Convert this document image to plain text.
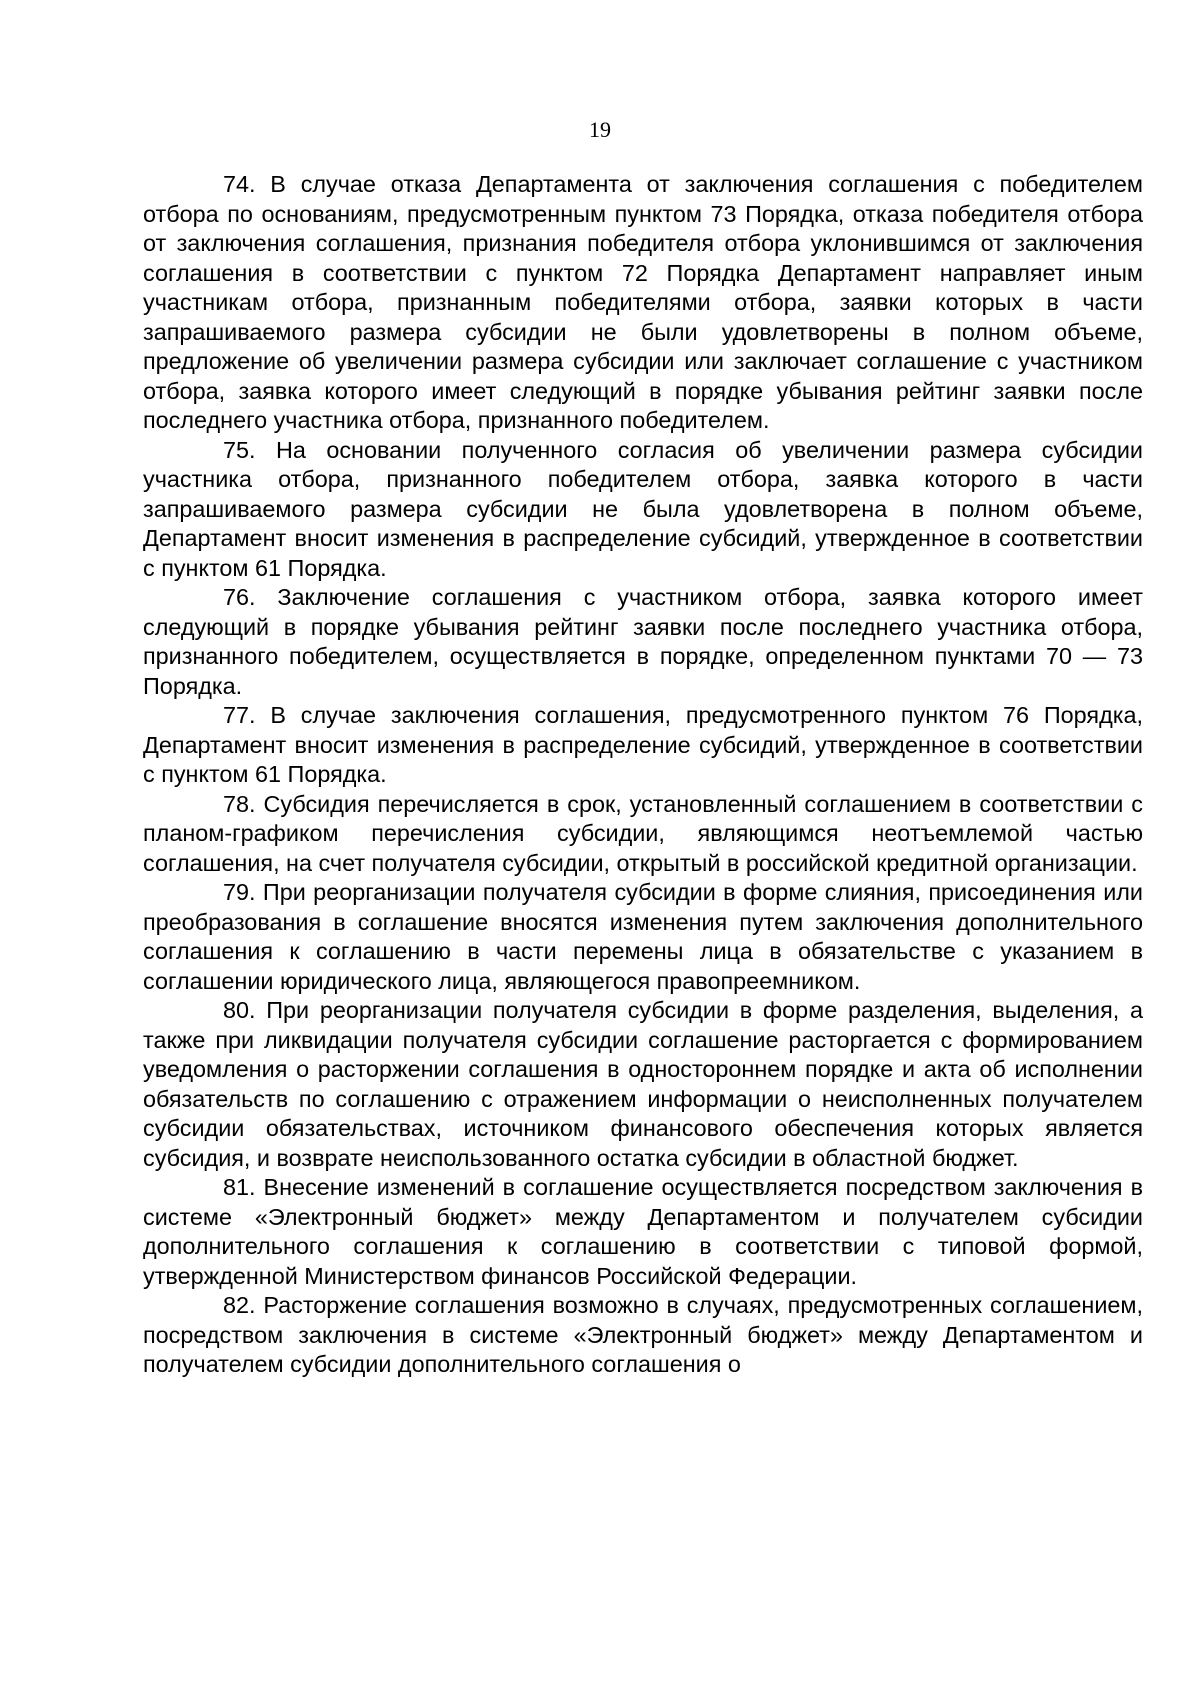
19

74. В случае отказа Департамента от заключения соглашения с победителем отбора по основаниям, предусмотренным пунктом 73 Порядка, отказа победителя отбора от заключения соглашения, признания победителя отбора уклонившимся от заключения соглашения в соответствии с пунктом 72 Порядка Департамент направляет иным участникам отбора, признанным победителями отбора, заявки которых в части запрашиваемого размера субсидии не были удовлетворены в полном объеме, предложение об увеличении размера субсидии или заключает соглашение с участником отбора, заявка которого имеет следующий в порядке убывания рейтинг заявки после последнего участника отбора, признанного победителем.

75. На основании полученного согласия об увеличении размера субсидии участника отбора, признанного победителем отбора, заявка которого в части запрашиваемого размера субсидии не была удовлетворена в полном объеме, Департамент вносит изменения в распределение субсидий, утвержденное в соответствии с пунктом 61 Порядка.

76. Заключение соглашения с участником отбора, заявка которого имеет следующий в порядке убывания рейтинг заявки после последнего участника отбора, признанного победителем, осуществляется в порядке, определенном пунктами 70 — 73 Порядка.

77. В случае заключения соглашения, предусмотренного пунктом 76 Порядка, Департамент вносит изменения в распределение субсидий, утвержденное в соответствии с пунктом 61 Порядка.

78. Субсидия перечисляется в срок, установленный соглашением в соответствии с планом-графиком перечисления субсидии, являющимся неотъемлемой частью соглашения, на счет получателя субсидии, открытый в российской кредитной организации.

79. При реорганизации получателя субсидии в форме слияния, присоединения или преобразования в соглашение вносятся изменения путем заключения дополнительного соглашения к соглашению в части перемены лица в обязательстве с указанием в соглашении юридического лица, являющегося правопреемником.

80. При реорганизации получателя субсидии в форме разделения, выделения, а также при ликвидации получателя субсидии соглашение расторгается с формированием уведомления о расторжении соглашения в одностороннем порядке и акта об исполнении обязательств по соглашению с отражением информации о неисполненных получателем субсидии обязательствах, источником финансового обеспечения которых является субсидия, и возврате неиспользованного остатка субсидии в областной бюджет.

81. Внесение изменений в соглашение осуществляется посредством заключения в системе «Электронный бюджет» между Департаментом и получателем субсидии дополнительного соглашения к соглашению в соответствии с типовой формой, утвержденной Министерством финансов Российской Федерации.

82. Расторжение соглашения возможно в случаях, предусмотренных соглашением, посредством заключения в системе «Электронный бюджет» между Департаментом и получателем субсидии дополнительного соглашения о
